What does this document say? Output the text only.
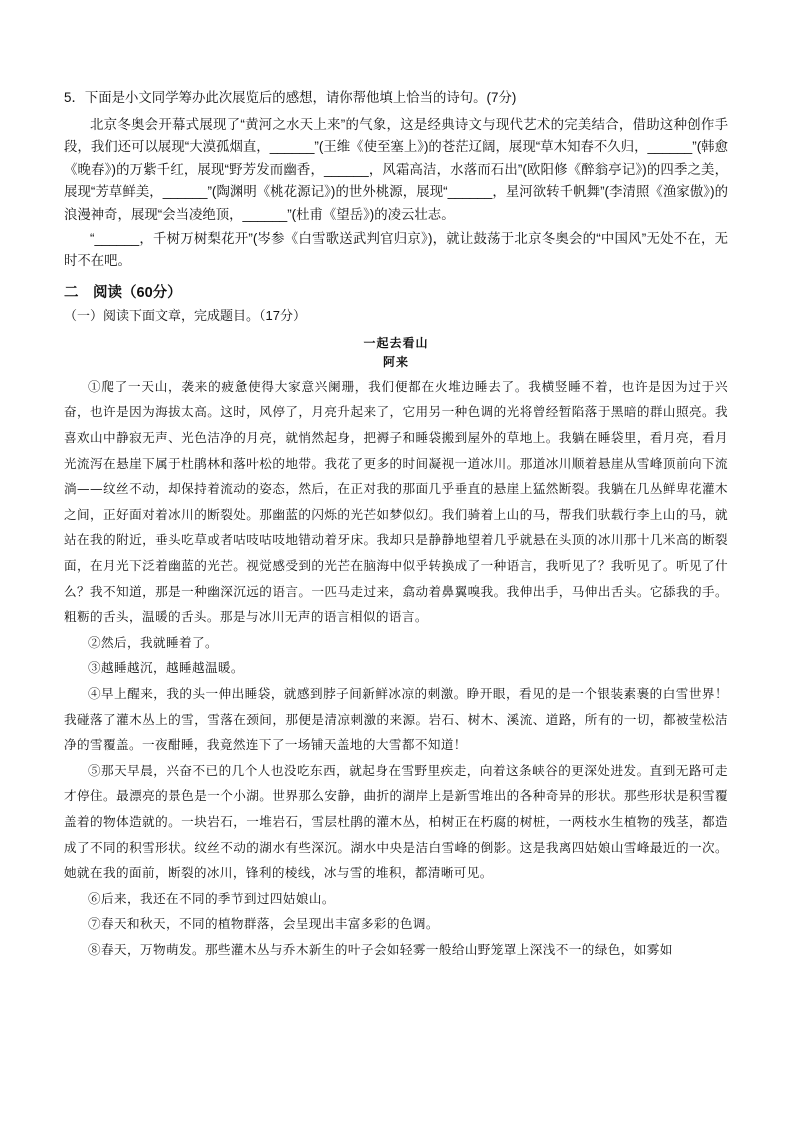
5．下面是小文同学筹办此次展览后的感想，请你帮他填上恰当的诗句。(7分)

北京冬奥会开幕式展现了“黄河之水天上来”的气象，这是经典诗文与现代艺术的完美结合，借助这种创作手段，我们还可以展现“大漠孤烟直，______”(王维《使至塞上》)的苍茫辽阔，展现“草木知春不久归，______”(韩愈《晚春》)的万紫千红，展现“野芳发而幽香，______，风霜高洁，水落而石出”(欧阳修《醉翁亭记》)的四季之美，展现“芳草鲜美，______”(陶渊明《桃花源记》)的世外桃源，展现“______，星河欲转千帆舞”(李清照《渔家傲》)的浪漫神奇，展现“会当凌绝顶，______”(杜甫《望岳》)的凌云壮志。

“______，千树万树梨花开”(岑参《白雪歌送武判官归京》)，就让鼓荡于北京冬奥会的“中国风”无处不在，无时不在吧。

二　阅读（60分）
（一）阅读下面文章，完成题目。（17分）
一起去看山
阿来

①爬了一天山，袭来的疲惫使得大家意兴阑珊，我们便都在火堆边睡去了。我横竖睡不着，也许是因为过于兴奋，也许是因为海拔太高。这时，风停了，月亮升起来了，它用另一种色调的光将曾经暂陷落于黑暗的群山照亮。我喜欢山中静寂无声、光色洁净的月亮，就悄然起身，把褥子和睡袋搬到屋外的草地上。我躺在睡袋里，看月亮，看月光流泻在悬崖下属于杜鹃林和落叶松的地带。我花了更多的时间凝视一道冰川。那道冰川顺着悬崖从雪峰顶前向下流淌——纹丝不动，却保持着流动的姿态，然后，在正对我的那面几乎垂直的悬崖上猛然断裂。我躺在几丛鲜卑花灌木之间，正好面对着冰川的断裂处。那幽蓝的闪烁的光芒如梦似幻。我们骑着上山的马，帮我们驮载行李上山的马，就站在我的附近，垂头吃草或者咕吱咕吱地错动着牙床。我却只是静静地望着几乎就悬在头顶的冰川那十几米高的断裂面，在月光下泛着幽蓝的光芒。视觉感受到的光芒在脑海中似乎转换成了一种语言，我听见了？我听见了。听见了什么？我不知道，那是一种幽深沉远的语言。一匹马走过来，翕动着鼻翼嗅我。我伸出手，马伸出舌头。它舔我的手。粗粝的舌头，温暖的舌头。那是与冰川无声的语言相似的语言。

②然后，我就睡着了。

③越睡越沉，越睡越温暖。

④早上醒来，我的头一伸出睡袋，就感到脖子间新鲜冰凉的刺激。睁开眼，看见的是一个银装素裹的白雪世界！我碰落了灌木丛上的雪，雪落在颈间，那便是清凉刺激的来源。岩石、树木、溪流、道路，所有的一切，都被莹松洁净的雪覆盖。一夜酣睡，我竟然连下了一场铺天盖地的大雪都不知道！

⑤那天早晨，兴奋不已的几个人也没吃东西，就起身在雪野里疾走，向着这条峡谷的更深处进发。直到无路可走才停住。最漂亮的景色是一个小湖。世界那么安静，曲折的湖岸上是新雪堆出的各种奇异的形状。那些形状是积雪覆盖着的物体造就的。一块岩石，一堆岩石，雪层杜鹃的灌木丛，柏树正在朽腐的树桩，一两枝水生植物的残茎，都造成了不同的积雪形状。纹丝不动的湖水有些深沉。湖水中央是洁白雪峰的倒影。这是我离四姑娘山雪峰最近的一次。她就在我的面前，断裂的冰川，锋利的棱线，冰与雪的堆积，都清晰可见。

⑥后来，我还在不同的季节到过四姑娘山。

⑦春天和秋天，不同的植物群落，会呈现出丰富多彩的色调。

⑧春天，万物萌发。那些灌木丛与乔木新生的叶子会如轻雾一般给山野笼罩上深浅不一的绿色，如雾如
